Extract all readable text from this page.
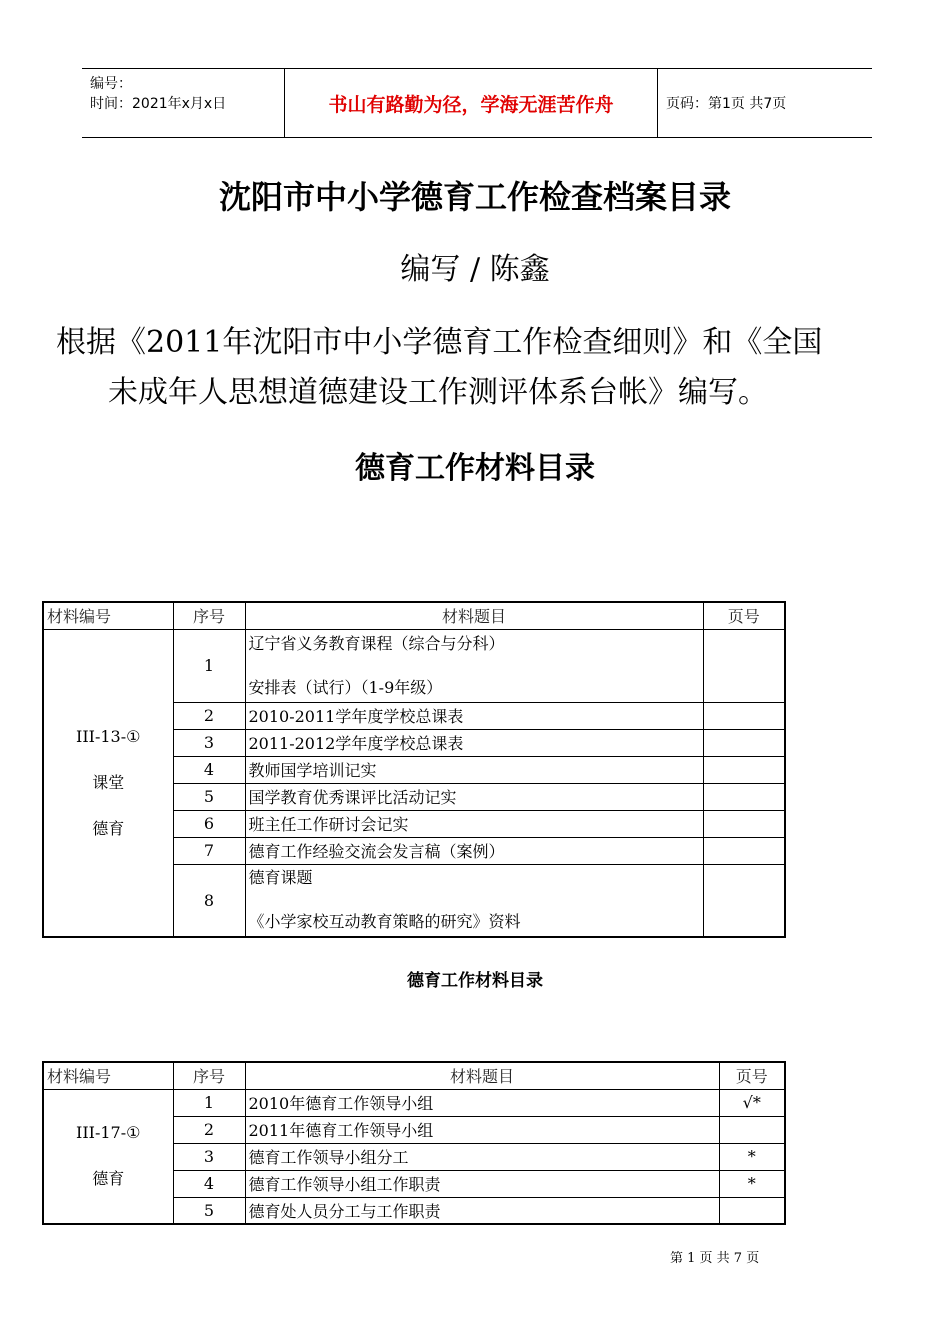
编号：
时间：2021年x月x日	书山有路勤为径，学海无涯苦作舟	页码：第1页 共7页
沈阳市中小学德育工作检查档案目录
编写 / 陈鑫
根据《2011年沈阳市中小学德育工作检查细则》和《全国
未成年人思想道德建设工作测评体系台帐》编写。
德育工作材料目录
材料编号	序号	材料题目	页号
III-13-①
课堂
德育	1	辽宁省义务教育课程（综合与分科）
安排表（试行）（1-9年级）	

	2	2010-2011学年度学校总课表	
	3	2011-2012学年度学校总课表	
	4	教师国学培训记实	
	5	国学教育优秀课评比活动记实	
	6	班主任工作研讨会记实	
	7	德育工作经验交流会发言稿（案例）	
	8	德育课题
《小学家校互动教育策略的研究》资料	

德育工作材料目录
材料编号	序号	材料题目	页号
III-17-①
德育	1	2010年德育工作领导小组	√*
	2	2011年德育工作领导小组	
	3	德育工作领导小组分工	*
	4	德育工作领导小组工作职责	*
	5	德育处人员分工与工作职责	
第 1 页 共 7 页
